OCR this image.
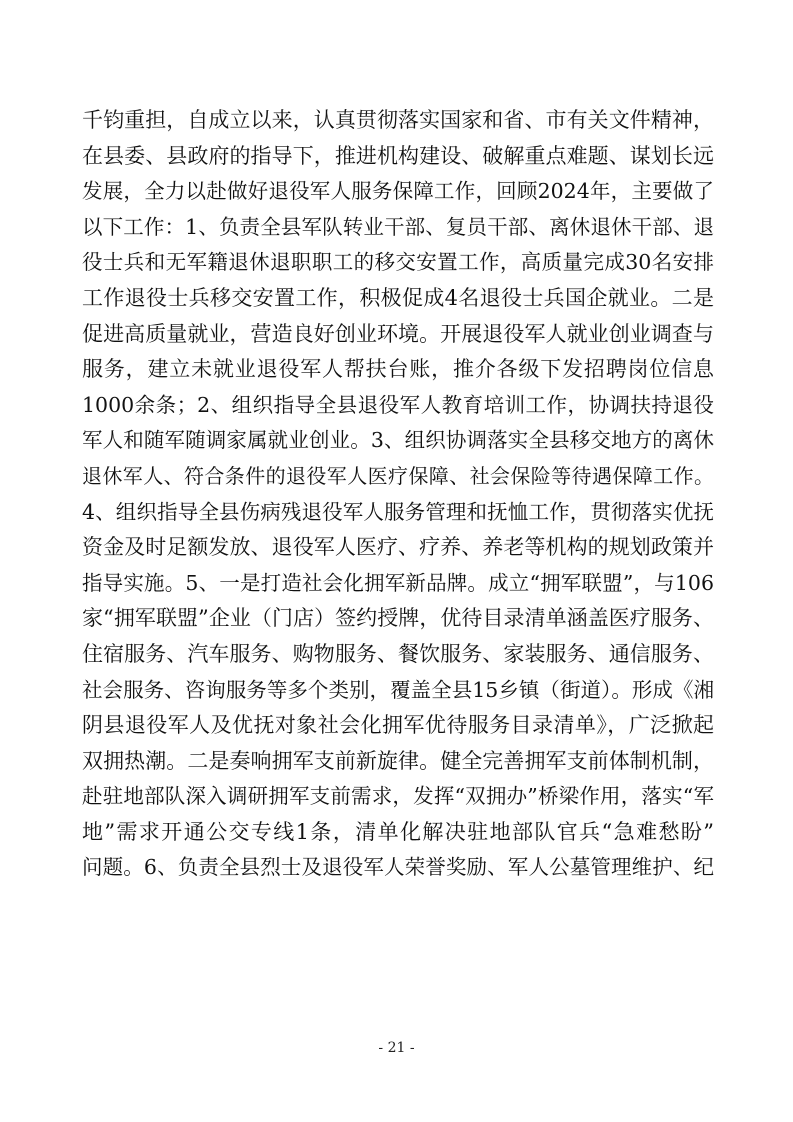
千钧重担，自成立以来，认真贯彻落实国家和省、市有关文件精神，
在县委、县政府的指导下，推进机构建设、破解重点难题、谋划长远
发展，全力以赴做好退役军人服务保障工作，回顾2024年，主要做了
以下工作：1、负责全县军队转业干部、复员干部、离休退休干部、退
役士兵和无军籍退休退职职工的移交安置工作，高质量完成30名安排
工作退役士兵移交安置工作，积极促成4名退役士兵国企就业。二是
促进高质量就业，营造良好创业环境。开展退役军人就业创业调查与
服务，建立未就业退役军人帮扶台账，推介各级下发招聘岗位信息
1000余条；2、组织指导全县退役军人教育培训工作，协调扶持退役
军人和随军随调家属就业创业。3、组织协调落实全县移交地方的离休
退休军人、符合条件的退役军人医疗保障、社会保险等待遇保障工作。
4、组织指导全县伤病残退役军人服务管理和抚恤工作，贯彻落实优抚
资金及时足额发放、退役军人医疗、疗养、养老等机构的规划政策并
指导实施。5、一是打造社会化拥军新品牌。成立“拥军联盟”，与106
家“拥军联盟”企业（门店）签约授牌，优待目录清单涵盖医疗服务、
住宿服务、汽车服务、购物服务、餐饮服务、家装服务、通信服务、
社会服务、咨询服务等多个类别，覆盖全县15乡镇（街道）。形成《湘
阴县退役军人及优抚对象社会化拥军优待服务目录清单》，广泛掀起
双拥热潮。二是奏响拥军支前新旋律。健全完善拥军支前体制机制，
赴驻地部队深入调研拥军支前需求，发挥“双拥办”桥梁作用，落实“军
地”需求开通公交专线1条，清单化解决驻地部队官兵“急难愁盼”
问题。6、负责全县烈士及退役军人荣誉奖励、军人公墓管理维护、纪
- 21 -
